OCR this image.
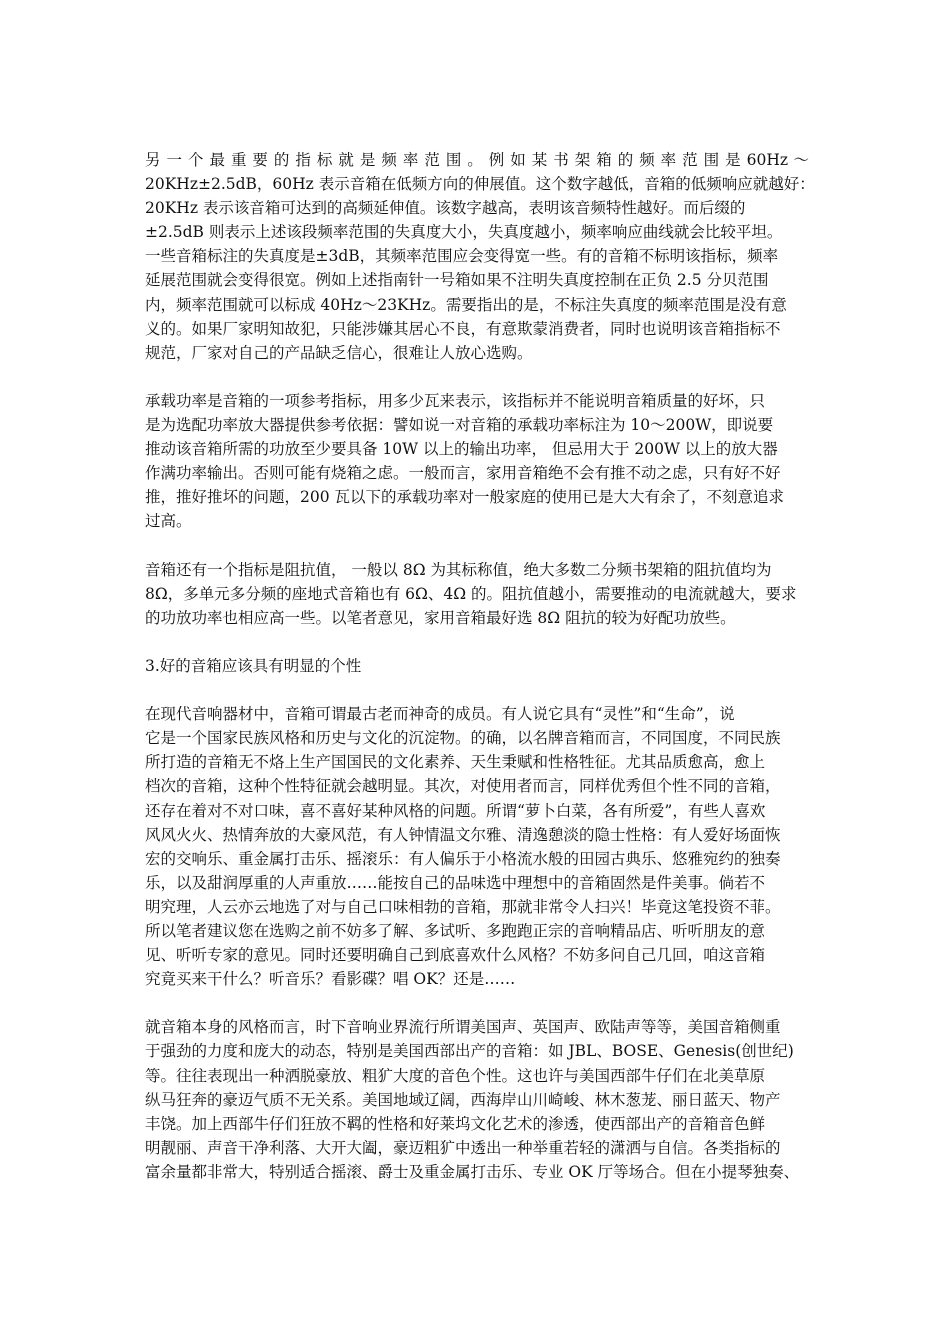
另 一 个 最 重 要 的 指 标 就 是 频 率 范 围 。 例 如 某 书 架 箱 的 频 率 范 围 是 60Hz ～
20KHz±2.5dB，60Hz 表示音箱在低频方向的伸展值。这个数字越低，音箱的低频响应就越好：
20KHz 表示该音箱可达到的高频延伸值。该数字越高，表明该音频特性越好。而后缀的
±2.5dB 则表示上述该段频率范围的失真度大小，失真度越小，频率响应曲线就会比较平坦。
一些音箱标注的失真度是±3dB，其频率范围应会变得宽一些。有的音箱不标明该指标，频率
延展范围就会变得很宽。例如上述指南针一号箱如果不注明失真度控制在正负 2.5 分贝范围
内，频率范围就可以标成 40Hz～23KHz。需要指出的是，不标注失真度的频率范围是没有意
义的。如果厂家明知故犯，只能涉嫌其居心不良，有意欺蒙消费者，同时也说明该音箱指标不
规范，厂家对自己的产品缺乏信心，很难让人放心选购。
承载功率是音箱的一项参考指标，用多少瓦来表示，该指标并不能说明音箱质量的好坏，只
是为选配功率放大器提供参考依据：譬如说一对音箱的承载功率标注为 10～200W，即说要
推动该音箱所需的功放至少要具备 10W 以上的输出功率， 但忌用大于 200W 以上的放大器
作满功率输出。否则可能有烧箱之虑。一般而言，家用音箱绝不会有推不动之虑，只有好不好
推，推好推坏的问题，200 瓦以下的承载功率对一般家庭的使用已是大大有余了，不刻意追求
过高。
音箱还有一个指标是阻抗值， 一般以 8Ω 为其标称值，绝大多数二分频书架箱的阻抗值均为
8Ω，多单元多分频的座地式音箱也有 6Ω、4Ω 的。阻抗值越小，需要推动的电流就越大，要求
的功放功率也相应高一些。以笔者意见，家用音箱最好选 8Ω 阻抗的较为好配功放些。
3.好的音箱应该具有明显的个性
在现代音响器材中，音箱可谓最古老而神奇的成员。有人说它具有“灵性”和“生命”，说
它是一个国家民族风格和历史与文化的沉淀物。的确，以名牌音箱而言，不同国度，不同民族
所打造的音箱无不烙上生产国国民的文化素养、天生秉赋和性格牲征。尤其品质愈高，愈上
档次的音箱，这种个性特征就会越明显。其次，对使用者而言，同样优秀但个性不同的音箱，
还存在着对不对口味，喜不喜好某种风格的问题。所谓“萝卜白菜，各有所爱”，有些人喜欢
风风火火、热情奔放的大豪风范，有人钟情温文尔雅、清逸憩淡的隐士性格：有人爱好场面恢
宏的交响乐、重金属打击乐、摇滚乐：有人偏乐于小格流水般的田园古典乐、悠雅宛约的独奏
乐，以及甜润厚重的人声重放……能按自己的品味选中理想中的音箱固然是件美事。倘若不
明究理，人云亦云地选了对与自己口味相勃的音箱，那就非常令人扫兴！毕竟这笔投资不菲。
所以笔者建议您在选购之前不妨多了解、多试听、多跑跑正宗的音响精品店、听听朋友的意
见、听听专家的意见。同时还要明确自己到底喜欢什么风格？不妨多问自己几回，咱这音箱
究竟买来干什么？听音乐？看影碟？唱 OK？还是……
就音箱本身的风格而言，时下音响业界流行所谓美国声、英国声、欧陆声等等，美国音箱侧重
于强劲的力度和庞大的动态，特别是美国西部出产的音箱：如 JBL、BOSE、Genesis(创世纪)
等。往往表现出一种洒脱豪放、粗犷大度的音色个性。这也许与美国西部牛仔们在北美草原
纵马狂奔的豪迈气质不无关系。美国地域辽阔，西海岸山川崎峻、林木葱茏、丽日蓝天、物产
丰饶。加上西部牛仔们狂放不羁的性格和好莱坞文化艺术的渗透，使西部出产的音箱音色鲜
明靓丽、声音干净利落、大开大阖，豪迈粗犷中透出一种举重若轻的潇洒与自信。各类指标的
富余量都非常大，特别适合摇滚、爵士及重金属打击乐、专业 OK 厅等场合。但在小提琴独奏、
